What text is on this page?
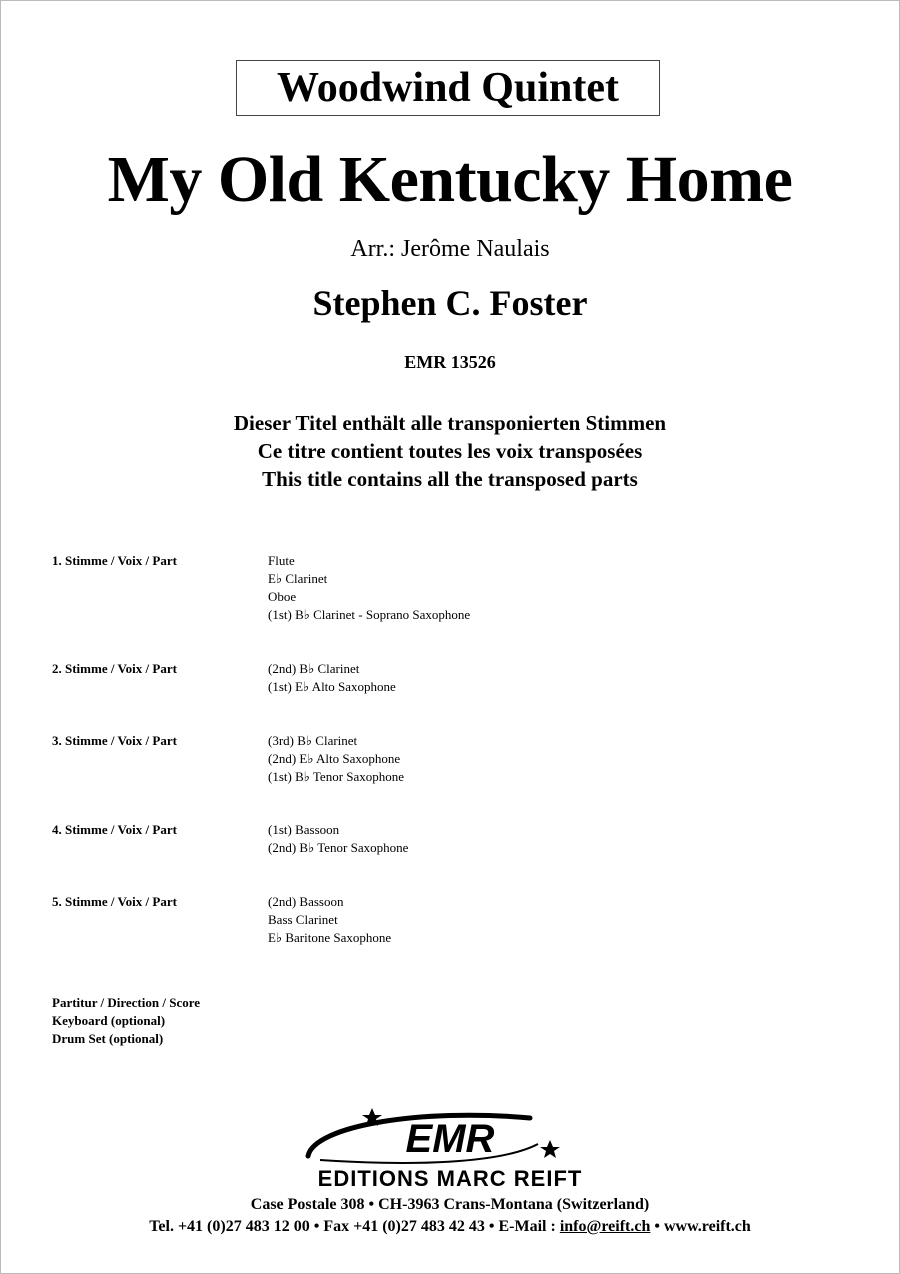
Woodwind Quintet
My Old Kentucky Home
Arr.: Jerôme Naulais
Stephen C. Foster
EMR 13526
Dieser Titel enthält alle transponierten Stimmen
Ce titre contient toutes les voix transposées
This title contains all the transposed parts
1. Stimme / Voix / Part	Flute
E♭ Clarinet
Oboe
(1st) B♭ Clarinet - Soprano Saxophone
2. Stimme / Voix / Part	(2nd) B♭ Clarinet
(1st) E♭ Alto Saxophone
3. Stimme / Voix / Part	(3rd) B♭ Clarinet
(2nd) E♭ Alto Saxophone
(1st) B♭ Tenor Saxophone
4. Stimme / Voix / Part	(1st) Bassoon
(2nd) B♭ Tenor Saxophone
5. Stimme / Voix / Part	(2nd) Bassoon
Bass Clarinet
E♭ Baritone Saxophone
Partitur / Direction / Score
Keyboard (optional)
Drum Set (optional)
EMR
EDITIONS MARC REIFT
Case Postale 308 • CH-3963 Crans-Montana (Switzerland)
Tel. +41 (0)27 483 12 00 • Fax +41 (0)27 483 42 43 • E-Mail : info@reift.ch • www.reift.ch
